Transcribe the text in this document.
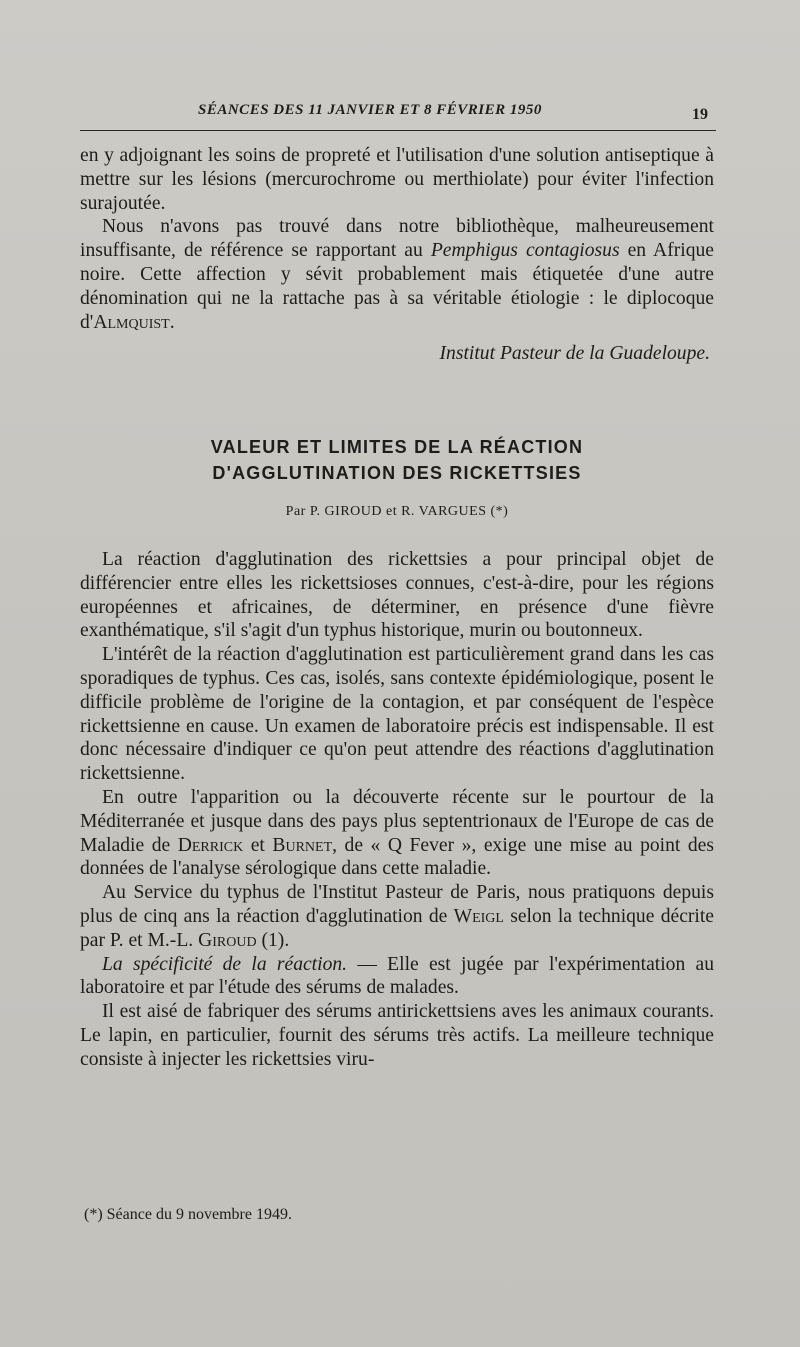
SÉANCES DES 11 JANVIER ET 8 FÉVRIER 1950	19

en y adjoignant les soins de propreté et l'utilisation d'une solution antiseptique à mettre sur les lésions (mercurochrome ou merthiolate) pour éviter l'infection surajoutée.

Nous n'avons pas trouvé dans notre bibliothèque, malheureusement insuffisante, de référence se rapportant au Pemphigus contagiosus en Afrique noire. Cette affection y sévit probablement mais étiquetée d'une autre dénomination qui ne la rattache pas à sa véritable étiologie : le diplocoque d'Almquist.

Institut Pasteur de la Guadeloupe.

VALEUR ET LIMITES DE LA RÉACTION
D'AGGLUTINATION DES RICKETTSIES

Par P. GIROUD et R. VARGUES (*)

La réaction d'agglutination des rickettsies a pour principal objet de différencier entre elles les rickettsioses connues, c'est-à-dire, pour les régions européennes et africaines, de déterminer, en présence d'une fièvre exanthématique, s'il s'agit d'un typhus historique, murin ou boutonneux.

L'intérêt de la réaction d'agglutination est particulièrement grand dans les cas sporadiques de typhus. Ces cas, isolés, sans contexte épidémiologique, posent le difficile problème de l'origine de la contagion, et par conséquent de l'espèce rickettsienne en cause. Un examen de laboratoire précis est indispensable. Il est donc nécessaire d'indiquer ce qu'on peut attendre des réactions d'agglutination rickettsienne.

En outre l'apparition ou la découverte récente sur le pourtour de la Méditerranée et jusque dans des pays plus septentrionaux de l'Europe de cas de Maladie de Derrick et Burnet, de « Q Fever », exige une mise au point des données de l'analyse sérologique dans cette maladie.

Au Service du typhus de l'Institut Pasteur de Paris, nous pratiquons depuis plus de cinq ans la réaction d'agglutination de Weigl selon la technique décrite par P. et M.-L. Giroud (1).

La spécificité de la réaction. — Elle est jugée par l'expérimentation au laboratoire et par l'étude des sérums de malades.

Il est aisé de fabriquer des sérums antirickettsiens aves les animaux courants. Le lapin, en particulier, fournit des sérums très actifs. La meilleure technique consiste à injecter les rickettsies viru-

(*) Séance du 9 novembre 1949.
